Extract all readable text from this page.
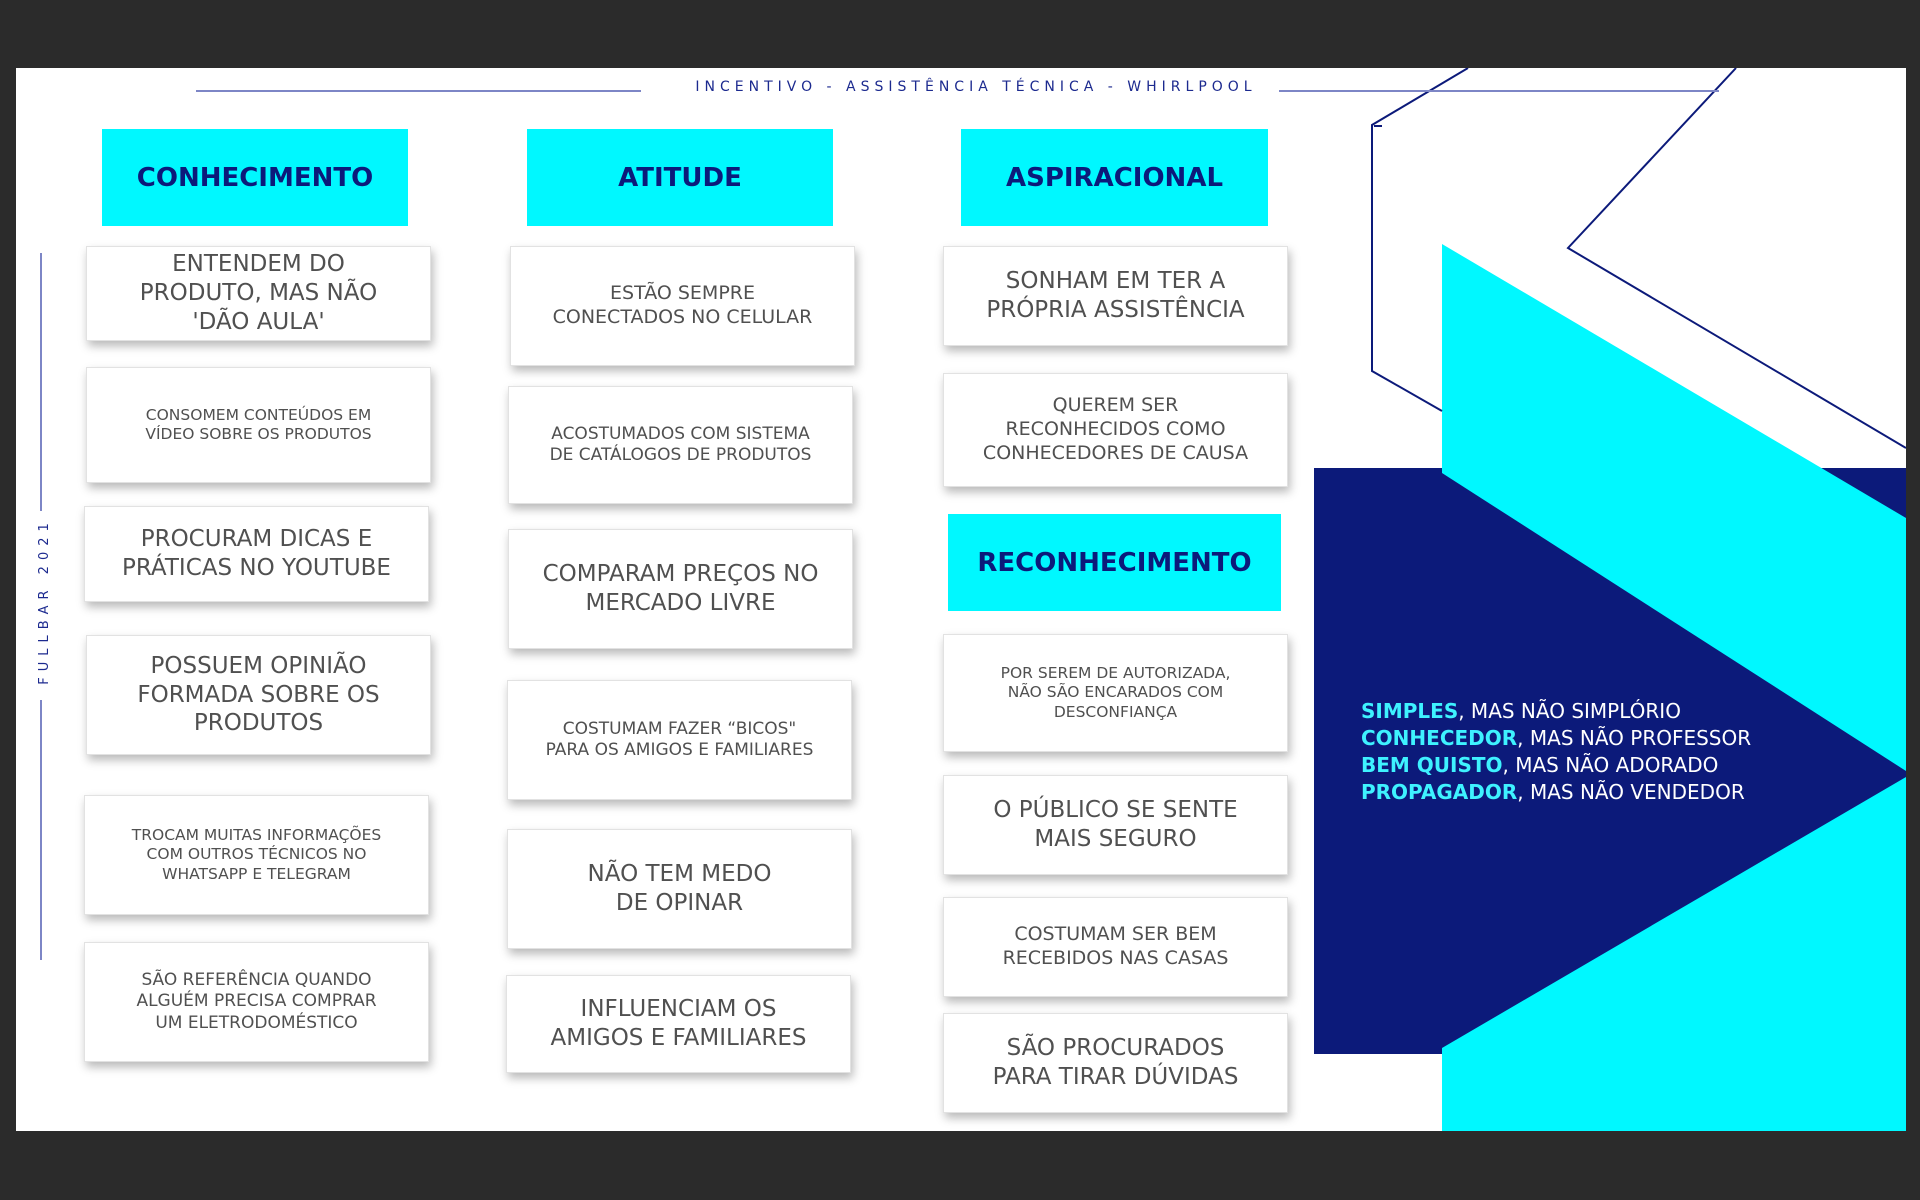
INCENTIVO - ASSISTÊNCIA TÉCNICA - WHIRLPOOL
FULLBAR 2021
CONHECIMENTO
ENTENDEM DO
PRODUTO, MAS NÃO
'DÃO AULA'
CONSOMEM CONTEÚDOS EM
VÍDEO SOBRE OS PRODUTOS
PROCURAM DICAS E
PRÁTICAS NO YOUTUBE
POSSUEM OPINIÃO
FORMADA SOBRE OS
PRODUTOS
TROCAM MUITAS INFORMAÇÕES
COM OUTROS TÉCNICOS NO
WHATSAPP E TELEGRAM
SÃO REFERÊNCIA QUANDO
ALGUÉM PRECISA COMPRAR
UM ELETRODOMÉSTICO
ATITUDE
ESTÃO SEMPRE
CONECTADOS NO CELULAR
ACOSTUMADOS COM SISTEMA
DE CATÁLOGOS DE PRODUTOS
COMPARAM PREÇOS NO
MERCADO LIVRE
COSTUMAM FAZER “BICOS"
PARA OS AMIGOS E FAMILIARES
NÃO TEM MEDO
DE OPINAR
INFLUENCIAM OS
AMIGOS E FAMILIARES
ASPIRACIONAL
SONHAM EM TER A
PRÓPRIA ASSISTÊNCIA
QUEREM SER
RECONHECIDOS COMO
CONHECEDORES DE CAUSA
RECONHECIMENTO
POR SEREM DE AUTORIZADA,
NÃO SÃO ENCARADOS COM
DESCONFIANÇA
O PÚBLICO SE SENTE
MAIS SEGURO
COSTUMAM SER BEM
RECEBIDOS NAS CASAS
SÃO PROCURADOS
PARA TIRAR DÚVIDAS
SIMPLES, MAS NÃO SIMPLÓRIO
CONHECEDOR, MAS NÃO PROFESSOR
BEM QUISTO, MAS NÃO ADORADO
PROPAGADOR, MAS NÃO VENDEDOR
